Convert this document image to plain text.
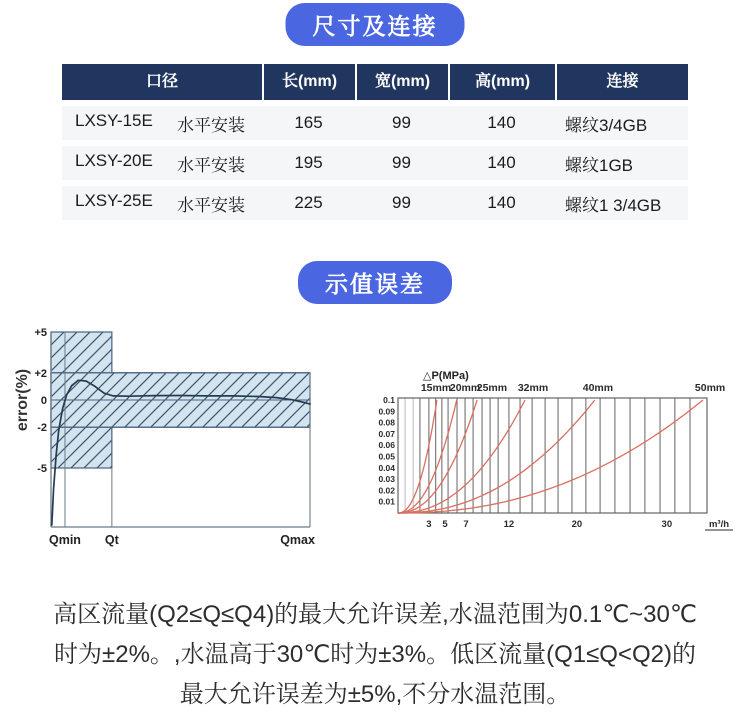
尺寸及连接
口径	长(mm)	宽(mm)	高(mm)	连接
LXSY-15E 水平安装	165	99	140	螺纹3/4GB
LXSY-20E 水平安装	195	99	140	螺纹1GB
LXSY-25E 水平安装	225	99	140	螺纹1 3/4GB
示值误差
+5
+2
0
-2
-5
Qmin Qt	Qmax
error(%)	15mm
20mm
25mm 32mm	40mm	50mm
0.1
0.09
0.08
0.07
0.06
0.05
0.04
0.03
0.02
0.01
3 5 7	12	20	30
△P(MPa)
m³/h
高区流量(Q2≤Q≤Q4)的最大允许误差,水温范围为0.1℃~30℃
时为±2%。,水温高于30℃时为±3%。低区流量(Q1≤Q<Q2)的
最大允许误差为±5%,不分水温范围。
